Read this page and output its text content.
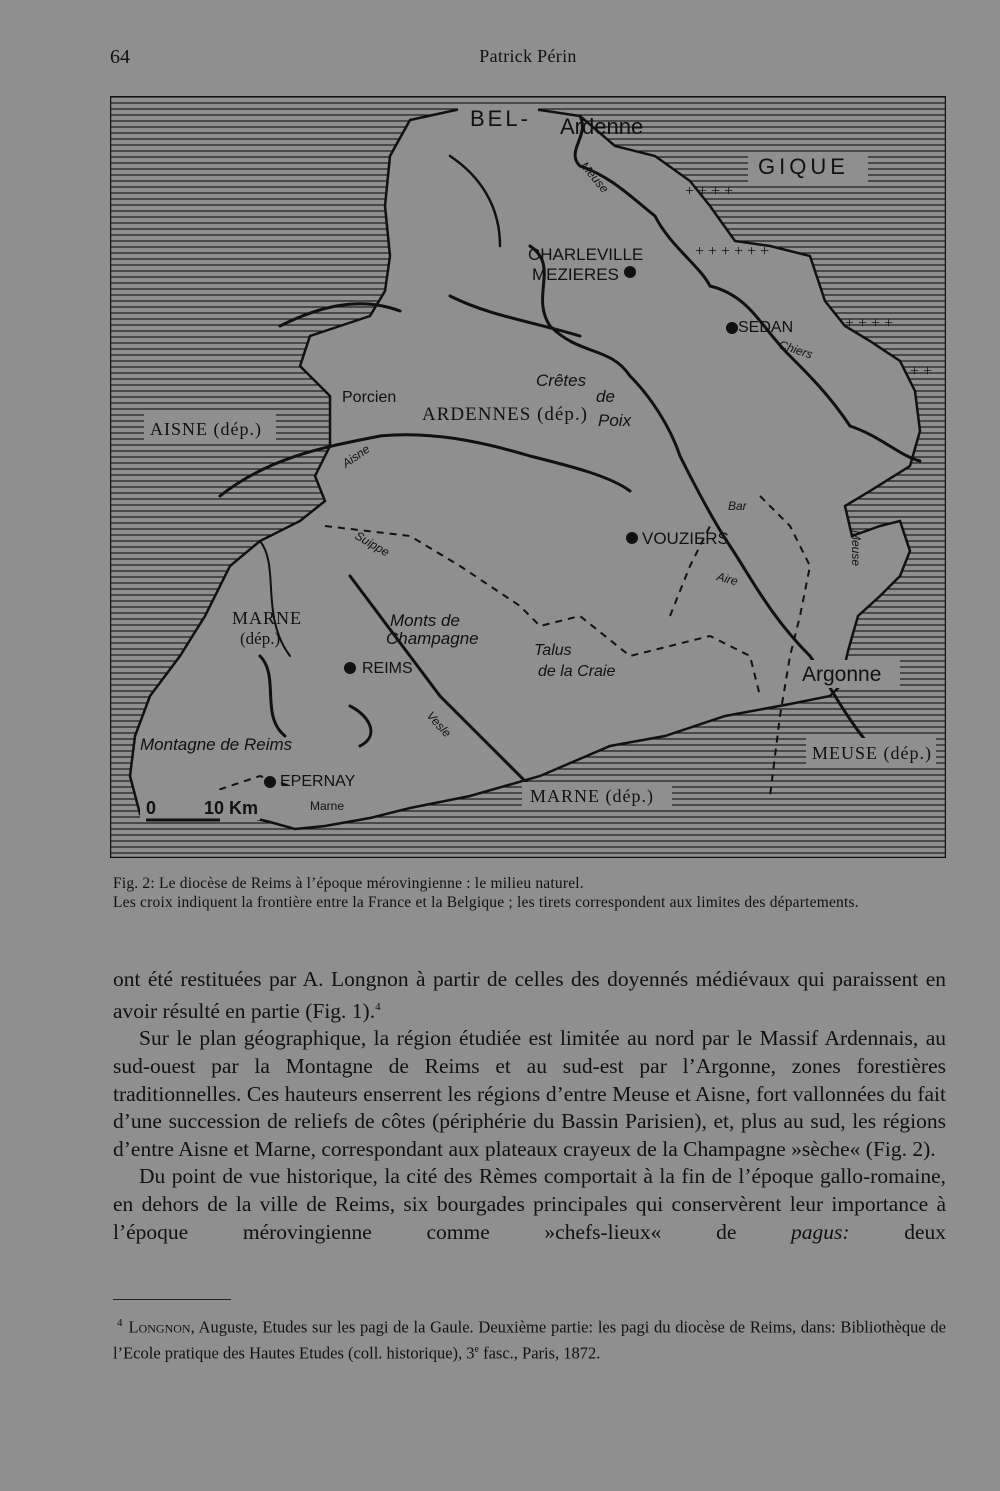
64	Patrick Périn
+ + + +
+ + + + + +
+ + + +
+ +
BEL- Ardenne
GIQUE
Meuse
CHARLEVILLE
MEZIERES
SEDAN
Chiers
Crêtes
de
Poix
ARDENNES (dép.)
Porcien
AISNE (dép.)
Aisne
Bar
VOUZIERS	Meuse
Suippe
Aire
MARNE
(dép.)
Monts de
Champagne
REIMS
Talus
de la Craie	Argonne
Vesle
Montagne de Reims	MEUSE (dép.)
EPERNAY
Marne	MARNE (dép.)
0	10 Km

Fig. 2: Le diocèse de Reims à l’époque mérovingienne : le milieu naturel.

Les croix indiquent la frontière entre la France et la Belgique ; les tirets correspondent aux limites des départements.

ont été restituées par A. Longnon à partir de celles des doyennés médiévaux qui paraissent en avoir résulté en partie (Fig. 1).$^4$

Sur le plan géographique, la région étudiée est limitée au nord par le Massif Ardennais, au sud-ouest par la Montagne de Reims et au sud-est par l’Argonne, zones forestières traditionnelles. Ces hauteurs enserrent les régions d’entre Meuse et Aisne, fort vallonnées du fait d’une succession de reliefs de côtes (périphérie du Bassin Parisien), et, plus au sud, les régions d’entre Aisne et Marne, correspondant aux plateaux crayeux de la Champagne »sèche« (Fig. 2).

Du point de vue historique, la cité des Rèmes comportait à la fin de l’époque gallo-romaine, en dehors de la ville de Reims, six bourgades principales qui conservèrent leur importance à l’époque mérovingienne comme »chefs-lieux« de pagus: deux

$^4$ Longnon, Auguste, Etudes sur les pagi de la Gaule. Deuxième partie: les pagi du diocèse de Reims, dans: Bibliothèque de l’Ecole pratique des Hautes Etudes (coll. historique), 3e fasc., Paris, 1872.
